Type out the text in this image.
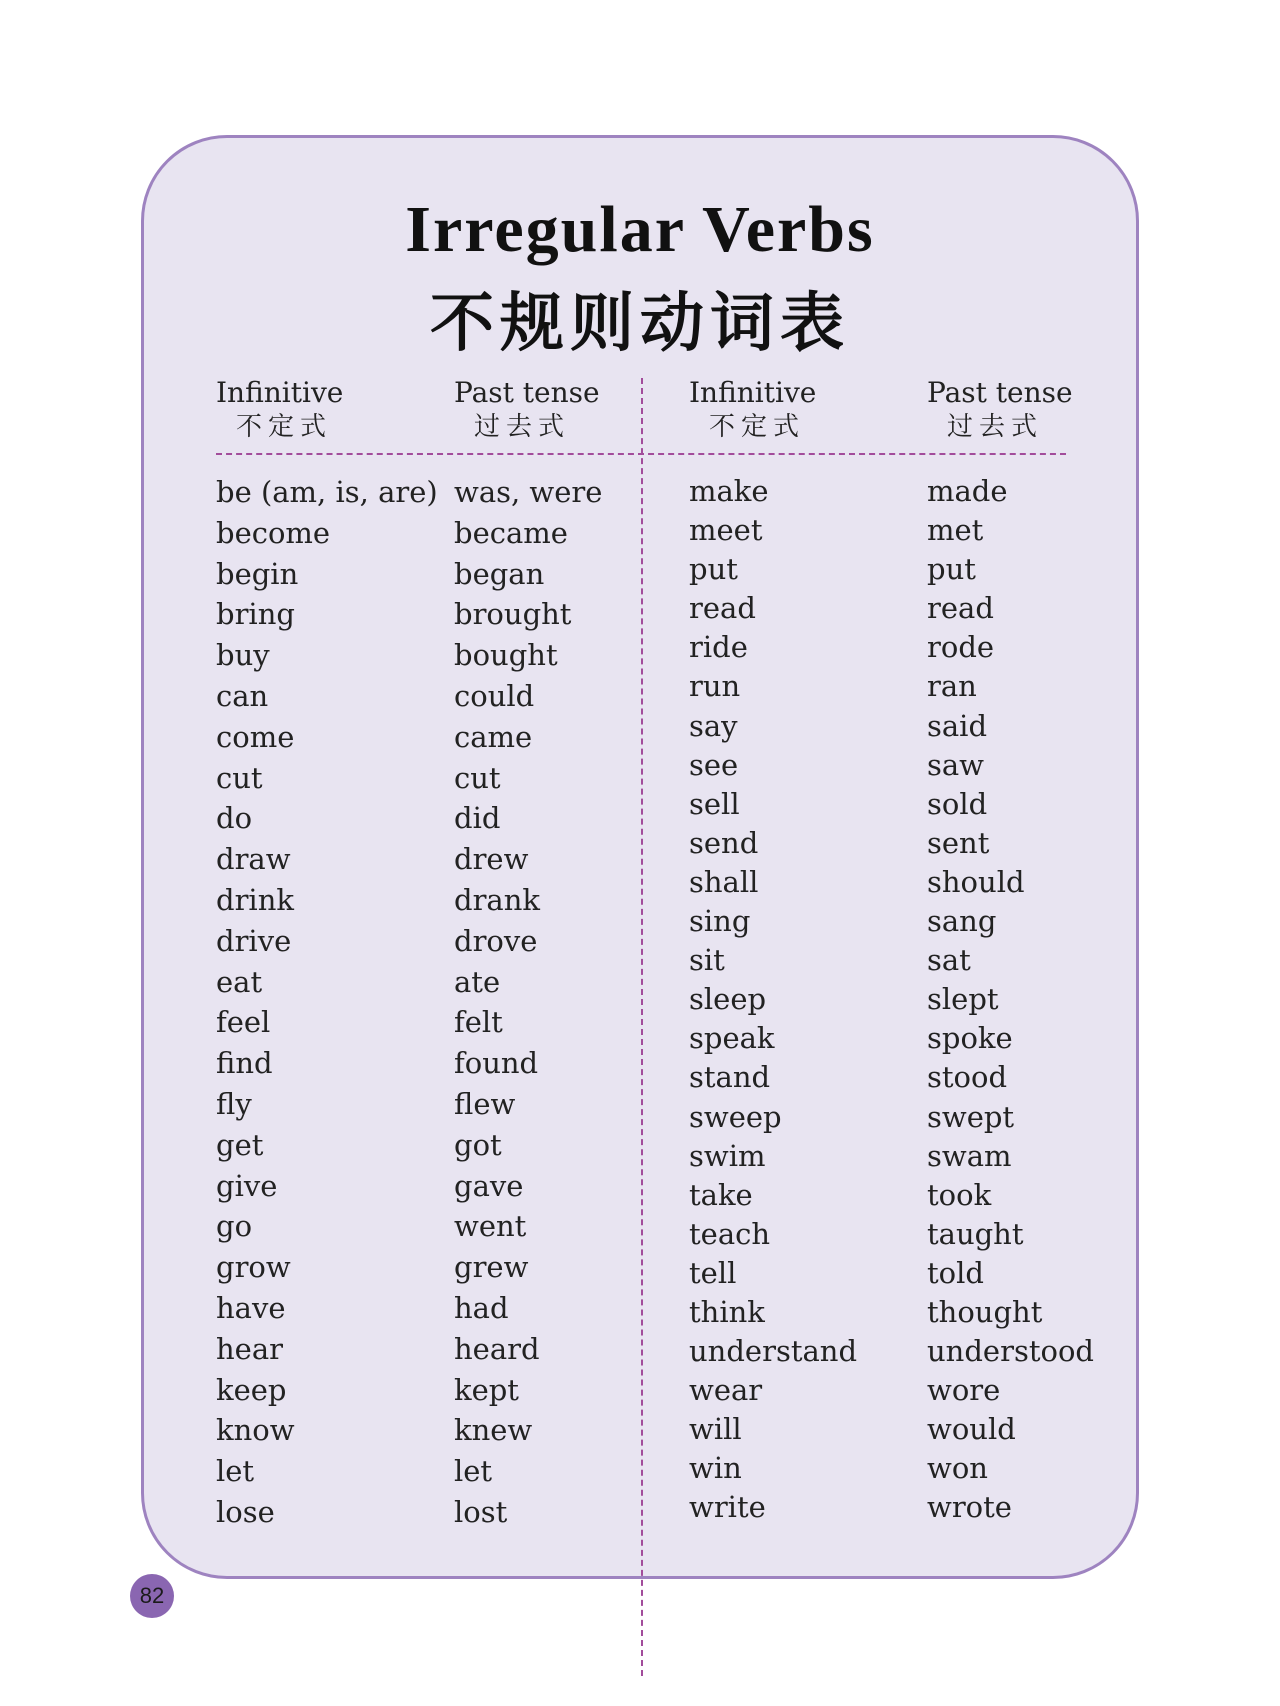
Irregular Verbs
不规则动词表
Infinitive
不定式
be (am, is, are)
become
begin
bring
buy
can
come
cut
do
draw
drink
drive
eat
feel
find
fly
get
give
go
grow
have
hear
keep
know
let
lose
Past tense
过去式
was, were
became
began
brought
bought
could
came
cut
did
drew
drank
drove
ate
felt
found
flew
got
gave
went
grew
had
heard
kept
knew
let
lost
Infinitive
不定式
make
meet
put
read
ride
run
say
see
sell
send
shall
sing
sit
sleep
speak
stand
sweep
swim
take
teach
tell
think
understand
wear
will
win
write
Past tense
过去式
made
met
put
read
rode
ran
said
saw
sold
sent
should
sang
sat
slept
spoke
stood
swept
swam
took
taught
told
thought
understood
wore
would
won
wrote
82
